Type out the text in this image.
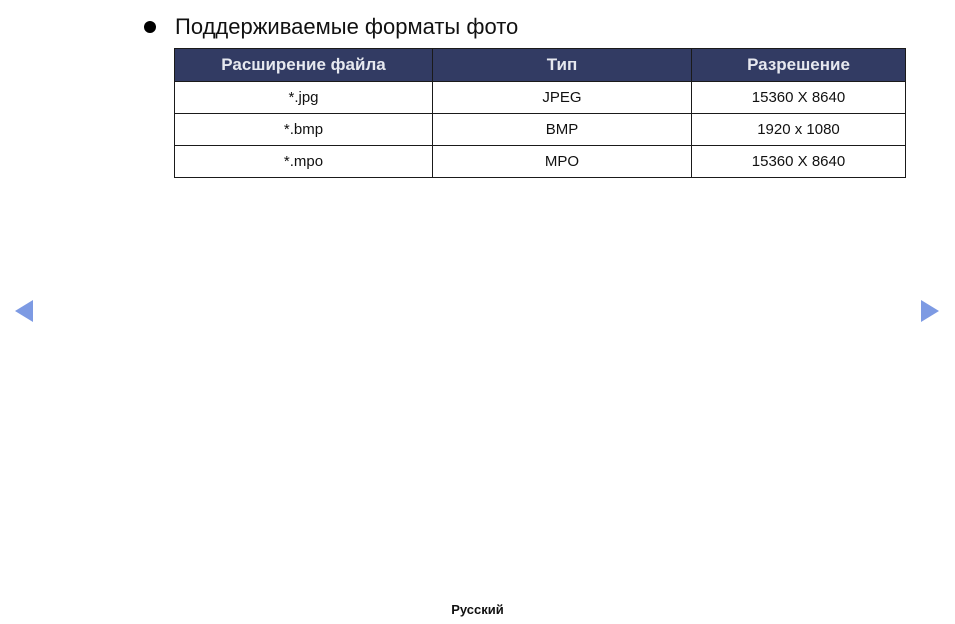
Поддерживаемые форматы фото
Расширение файла	Тип	Разрешение
*.jpg	JPEG	15360 X 8640
*.bmp	BMP	1920 x 1080
*.mpo	MPO	15360 X 8640
Русский
